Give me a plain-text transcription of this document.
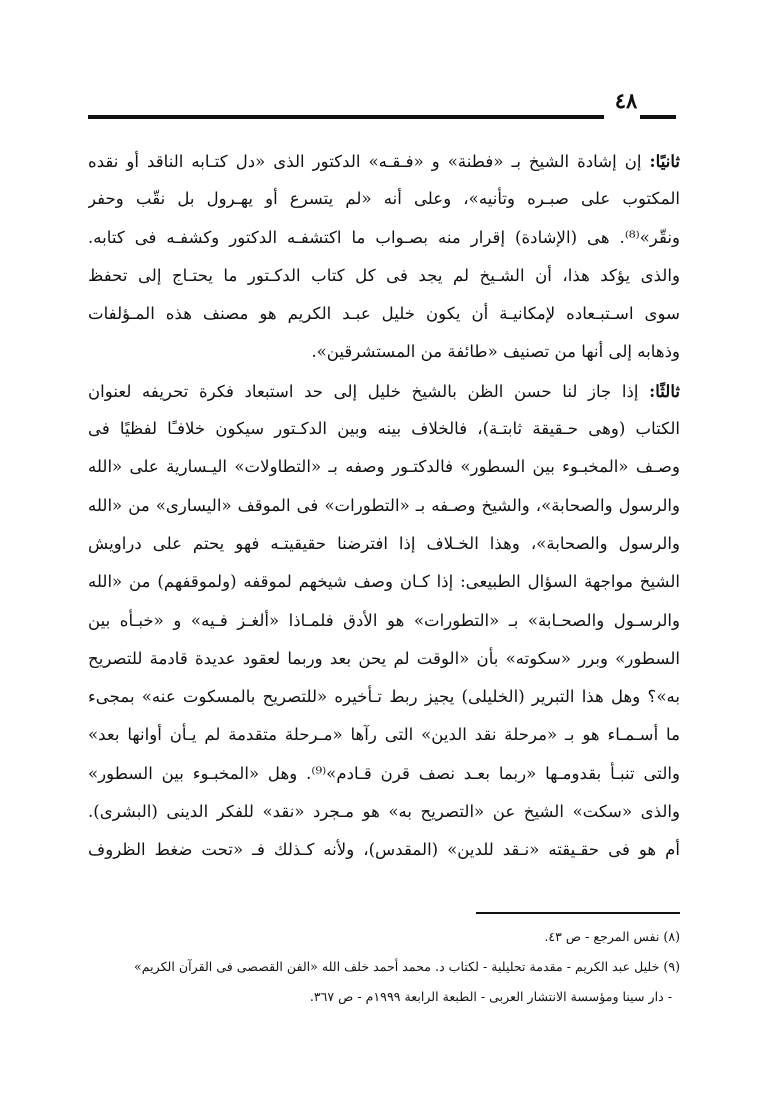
٤٨
ثانيًا: إن إشادة الشيخ بـ «فطنة» و «فـقـه» الدكتور الذى «دل كتـابه الناقد أو نقده
المكتوب على صبـره وتأنيه»، وعلى أنه «لم يتسرع أو يهـرول بل نقّب وحفر
ونقّر»⁽⁸⁾. هى (الإشادة) إقرار منه بصـواب ما اكتشفـه الدكتور وكشفـه فى كتابه.
والذى يؤكد هذا، أن الشـيخ لم يجد فى كل كتاب الدكـتور ما يحتـاج إلى تحفظ
سوى اسـتبـعاده لإمكانيـة أن يكون خليل عبـد الكريم هو مصنف هذه المـؤلفات
وذهابه إلى أنها من تصنيف «طائفة من المستشرقين».
ثالثًا: إذا جاز لنا حسن الظن بالشيخ خليل إلى حد استبعاد فكرة تحريفه لعنوان
الكتاب (وهى حـقيقة ثابتـة)، فالخلاف بينه وبين الدكـتور سيكون خلافـًا لفظيًا فى
وصـف «المخبـوء بين السطور» فالدكتـور وصفه بـ «التطاولات» اليـسارية على «الله
والرسول والصحابة»، والشيخ وصـفه بـ «التطورات» فى الموقف «اليسارى» من «الله
والرسول والصحابة»، وهذا الخـلاف إذا افترضنا حقيقيتـه فهو يحتم على دراويش
الشيخ مواجهة السؤال الطبيعى: إذا كـان وصف شيخهم لموقفه (ولموقفهم) من «الله
والرسـول والصحـابة» بـ «التطورات» هو الأدق فلمـاذا «ألغـز فـيه» و «خبـأه بين
السطور» وبرر «سكوته» بأن «الوقت لم يحن بعد وربما لعقود عديدة قادمة للتصريح
به»؟ وهل هذا التبرير (الخليلى) يجيز ربط تـأخيره «للتصريح بالمسكوت عنه» بمجىء
ما أسـمـاء هو بـ «مرحلة نقد الدين» التى رآها «مـرحلة متقدمة لم يـأن أوانها بعد»
والتى تنبـأ بقدومـها «ربما بعـد نصف قرن قـادم»⁽⁹⁾. وهل «المخبـوء بين السطور»
والذى «سكت» الشيخ عن «التصريح به» هو مـجرد «نقد» للفكر الدينى (البشرى).
أم هو فى حقـيقته «نـقد للدين» (المقدس)، ولأنه كـذلك فـ «تحت ضغط الظروف
(٨) نفس المرجع - ص ٤٣.
(٩) خليل عبد الكريم - مقدمة تحليلية - لكتاب د. محمد أحمد خلف الله «الفن القصصى فى القرآن الكريم»
- دار سينا ومؤسسة الانتشار العربى - الطبعة الرابعة ١٩٩٩م - ص ٣٦٧.
